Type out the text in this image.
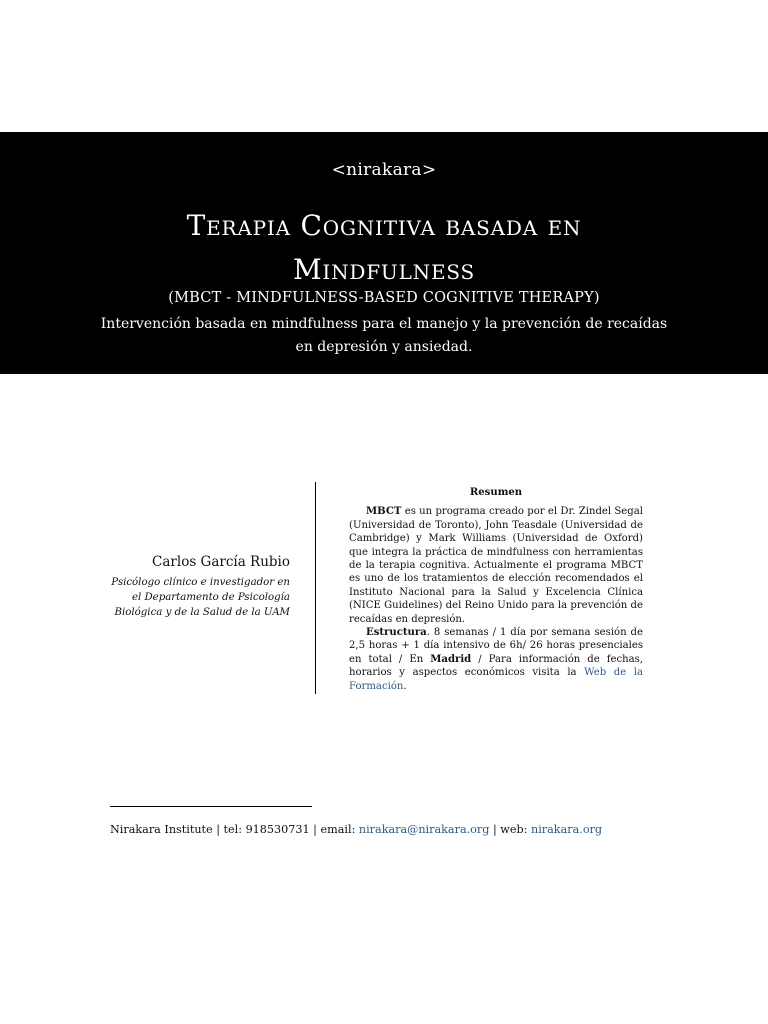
<nirakara>
Terapia Cognitiva basada en
Mindfulness
(MBCT - MINDFULNESS-BASED COGNITIVE THERAPY)
Intervención basada en mindfulness para el manejo y la prevención de recaídas
en depresión y ansiedad.
Carlos García Rubio
Psicólogo clínico e investigador en
el Departamento de Psicología
Biológica y de la Salud de la UAM
Resumen

MBCT es un programa creado por el Dr. Zindel Segal (Universidad de Toronto), John Teasdale (Universidad de Cambridge) y Mark Williams (Universidad de Oxford) que integra la práctica de mindfulness con herramientas de la terapia cognitiva. Actualmente el programa MBCT es uno de los tratamientos de elección recomendados el Instituto Nacional para la Salud y Excelencia Clínica (NICE Guidelines) del Reino Unido para la prevención de recaídas en depresión.

Estructura. 8 semanas / 1 día por semana sesión de 2,5 horas + 1 día intensivo de 6h/ 26 horas presenciales en total / En Madrid / Para información de fechas, horarios y aspectos económicos visita la Web de la Formación.

Nirakara Institute | tel: 918530731 | email: nirakara@nirakara.org | web: nirakara.org
